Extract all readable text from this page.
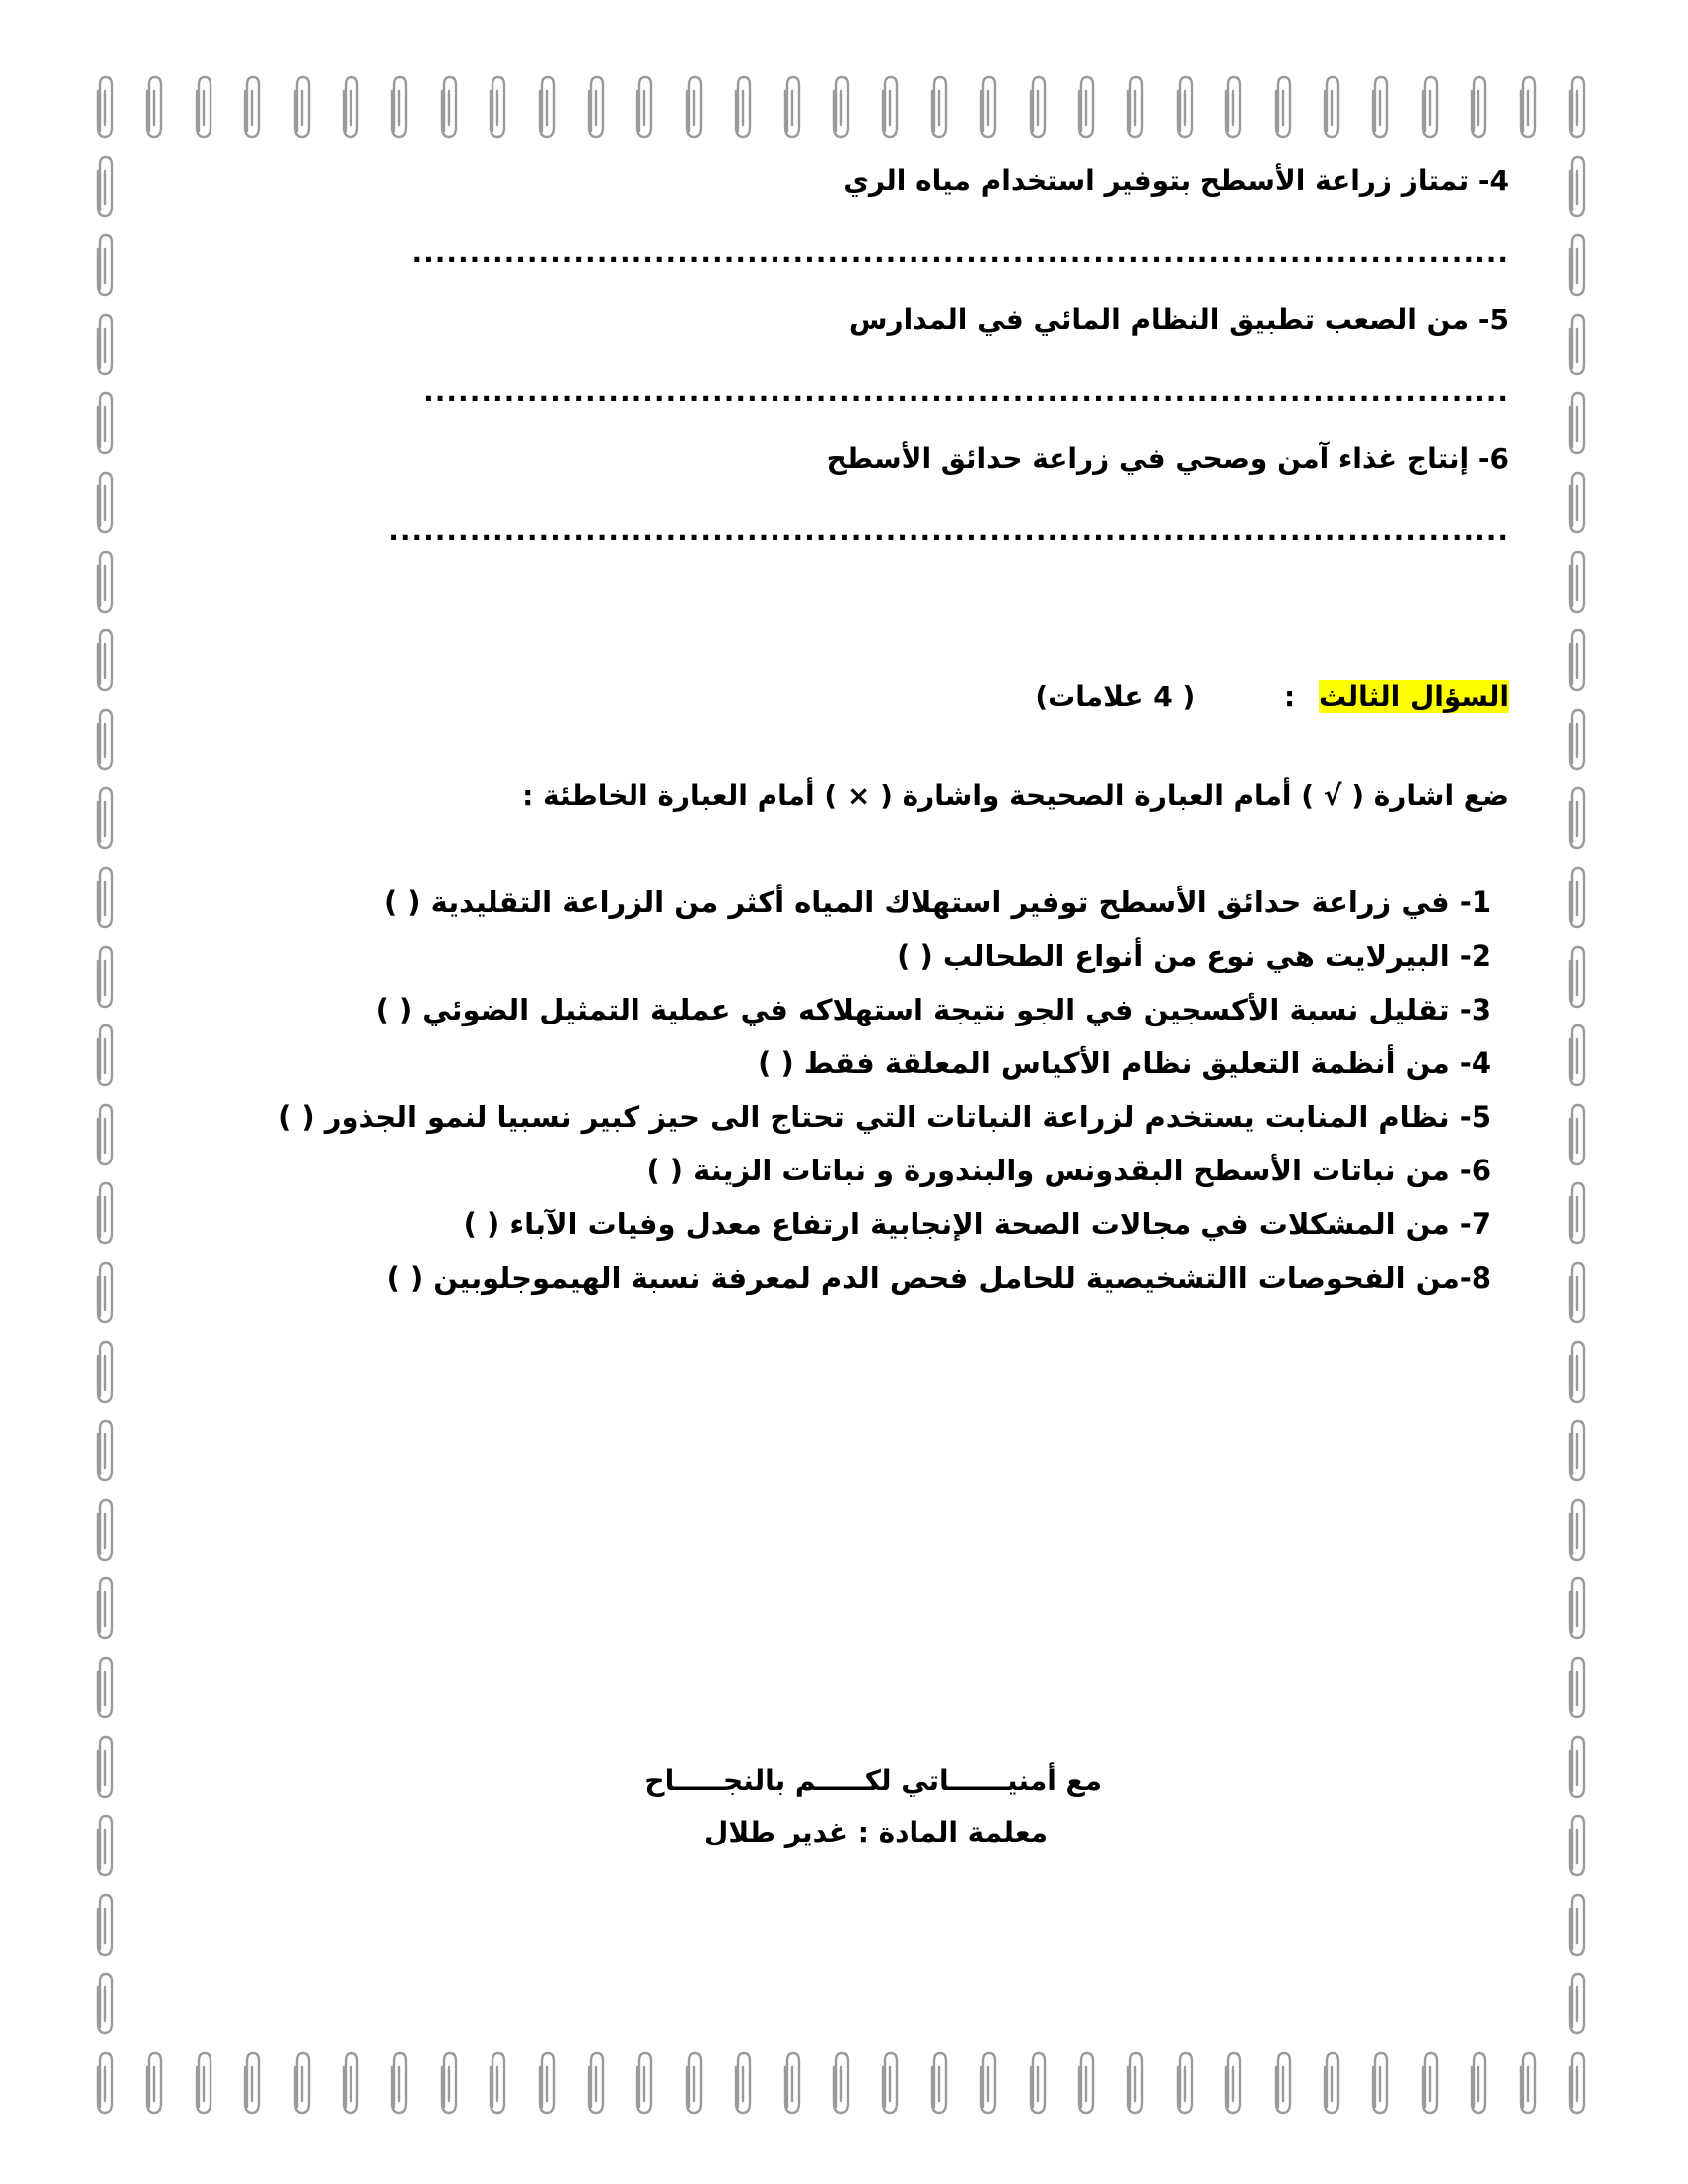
4- تمتاز زراعة الأسطح بتوفير استخدام مياه الري
...............................................................................................
5- من الصعب تطبيق النظام المائي في المدارس
..............................................................................................
6- إنتاج غذاء آمن وصحي في زراعة حدائق الأسطح
.................................................................................................
السؤال الثالث : ( 4 علامات)
ضع اشارة ( √ ) أمام العبارة الصحيحة واشارة ( × ) أمام العبارة الخاطئة :
1- في زراعة حدائق الأسطح توفير استهلاك المياه أكثر من الزراعة التقليدية ( )
2- البيرلايت هي نوع من أنواع الطحالب ( )
3- تقليل نسبة الأكسجين في الجو نتيجة استهلاكه في عملية التمثيل الضوئي ( )
4- من أنظمة التعليق نظام الأكياس المعلقة فقط ( )
5- نظام المنابت يستخدم لزراعة النباتات التي تحتاج الى حيز كبير نسبيا لنمو الجذور ( )
6- من نباتات الأسطح البقدونس والبندورة و نباتات الزينة ( )
7- من المشكلات في مجالات الصحة الإنجابية ارتفاع معدل وفيات الآباء ( )
8-من الفحوصات االتشخيصية للحامل فحص الدم لمعرفة نسبة الهيموجلوبين ( )
مع أمنيــــــاتي لكـــــم بالنجـــــاح
معلمة المادة : غدير طلال
